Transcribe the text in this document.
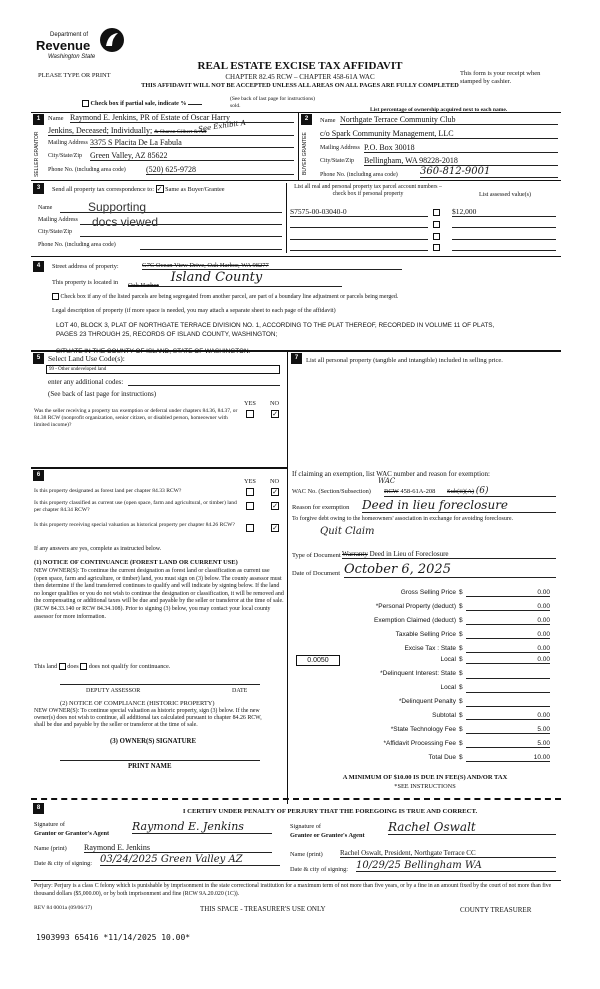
Department of
Revenue
Washington State
REAL ESTATE EXCISE TAX AFFIDAVIT
CHAPTER 82.45 RCW – CHAPTER 458-61A WAC
THIS AFFIDAVIT WILL NOT BE ACCEPTED UNLESS ALL AREAS ON ALL PAGES ARE FULLY COMPLETED
PLEASE TYPE OR PRINT	This form is your receipt when stamped by cashier.
Check box if partial sale, indicate %
(See back of last page for instructions)
sold.
List percentage of ownership acquired next to each name.
1
SELLER GRANTOR
Name Raymond E. Jenkins, PR of Estate of Oscar Harry
Jenkins, Deceased; Individually; & Sharon Gilbert & Aff
See Exhibit A
Mailing Address 3375 S Placita De La Fabula
City/State/Zip Green Valley, AZ 85622
Phone No. (including area code)	(520) 625-9728
2
BUYER GRANTEE
Name Northgate Terrace Community Club
c/o Spark Community Management, LLC
Mailing Address P.O. Box 30018
City/State/Zip Bellingham, WA 98228-2018
Phone No. (including area code) 360-812-9001
3	Send all property tax correspondence to: ✓ Same as Buyer/Grantee
Name
Mailing Address
City/State/Zip
Phone No. (including area code)
Supporting
docs viewed
List all real and personal property tax parcel account numbers – check box if personal property	List assessed value(s)
S7575-00-03040-0	$12,000
4	Street address of property:	G7C Ocean View Drive, Oak Harbor, WA 98277
This property is located in Oak Harbor Island County
Check box if any of the listed parcels are being segregated from another parcel, are part of a boundary line adjustment or parcels being merged.
Legal description of property (if more space is needed, you may attach a separate sheet to each page of the affidavit)
LOT 40, BLOCK 3, PLAT OF NORTHGATE TERRACE DIVISION NO. 1, ACCORDING TO THE PLAT THEREOF, RECORDED IN VOLUME 11 OF PLATS, PAGES 23 THROUGH 25, RECORDS OF ISLAND COUNTY, WASHINGTON;
SITUATE IN THE COUNTY OF ISLAND, STATE OF WASHINGTON.
5	Select Land Use Code(s):
99 - Other undeveloped land
enter any additional codes:
(See back of last page for instructions)
YES NO
Was the seller receiving a property tax exemption or deferral under chapters 84.36, 84.37, or 84.38 RCW (nonprofit organization, senior citizen, or disabled person, homeowner with limited income)?
✓
6
YES NO
Is this property designated as forest land per chapter 84.33 RCW?	✓
Is this property classified as current use (open space, farm and agricultural, or timber) land per chapter 84.34 RCW?	✓
Is this property receiving special valuation as historical property per chapter 84.26 RCW?	✓
If any answers are yes, complete as instructed below.
(1) NOTICE OF CONTINUANCE (FOREST LAND OR CURRENT USE)
NEW OWNER(S): To continue the current designation as forest land or classification as current use (open space, farm and agriculture, or timber) land, you must sign on (3) below. The county assessor must then determine if the land transferred continues to qualify and will indicate by signing below. If the land no longer qualifies or you do not wish to continue the designation or classification, it will be removed and the compensating or additional taxes will be due and payable by the seller or transferor at the time of sale. (RCW 84.33.140 or RCW 84.34.108). Prior to signing (3) below, you may contact your local county assessor for more information.
This land does does not qualify for continuance.
DEPUTY ASSESSOR	DATE
(2) NOTICE OF COMPLIANCE (HISTORIC PROPERTY)
NEW OWNER(S): To continue special valuation as historic property, sign (3) below. If the new owner(s) does not wish to continue, all additional tax calculated pursuant to chapter 84.26 RCW, shall be due and payable by the seller or transferor at the time of sale.
(3) OWNER(S) SIGNATURE
PRINT NAME
7	List all personal property (tangible and intangible) included in selling price.
If claiming an exemption, list WAC number and reason for exemption:
WAC No. (Section/Subsection) RCW 458-61A-208 Sub(ii)(A) (6)
WAC
Reason for exemption Deed in lieu foreclosure
To forgive debt owing to the homeowners' association in exchange for avoiding foreclosure.
Quit Claim
Type of Document Warranty Deed in Lieu of Foreclosure
Date of Document October 6, 2025
Gross Selling Price $	0.00
*Personal Property (deduct) $	0.00
Exemption Claimed (deduct) $	0.00
Taxable Selling Price $	0.00
Excise Tax : State $	0.00
0.0050	Local $	0.00
*Delinquent Interest: State $
Local $
*Delinquent Penalty $
Subtotal $	0.00
*State Technology Fee $	5.00
*Affidavit Processing Fee $	5.00
Total Due $	10.00
A MINIMUM OF $10.00 IS DUE IN FEE(S) AND/OR TAX
*SEE INSTRUCTIONS
8	I CERTIFY UNDER PENALTY OF PERJURY THAT THE FOREGOING IS TRUE AND CORRECT.
Signature of
Grantor or Grantor's Agent
Raymond E. Jenkins
Name (print) Raymond E. Jenkins
Date & city of signing: 03/24/2025 Green Valley AZ
Signature of
Grantee or Grantee's Agent
Rachel Oswalt
Name (print) Rachel Oswalt, President, Northgate Terrace CC
Date & city of signing: 10/29/25 Bellingham WA
Perjury: Perjury is a class C felony which is punishable by imprisonment in the state correctional institution for a maximum term of not more than five years, or by a fine in an amount fixed by the court of not more than five thousand dollars ($5,000.00), or by both imprisonment and fine (RCW 9A.20.020 (1C)).
REV 84 0001a (09/06/17)	THIS SPACE - TREASURER'S USE ONLY	COUNTY TREASURER
1903993 65416 *11/14/2025 10.00*
